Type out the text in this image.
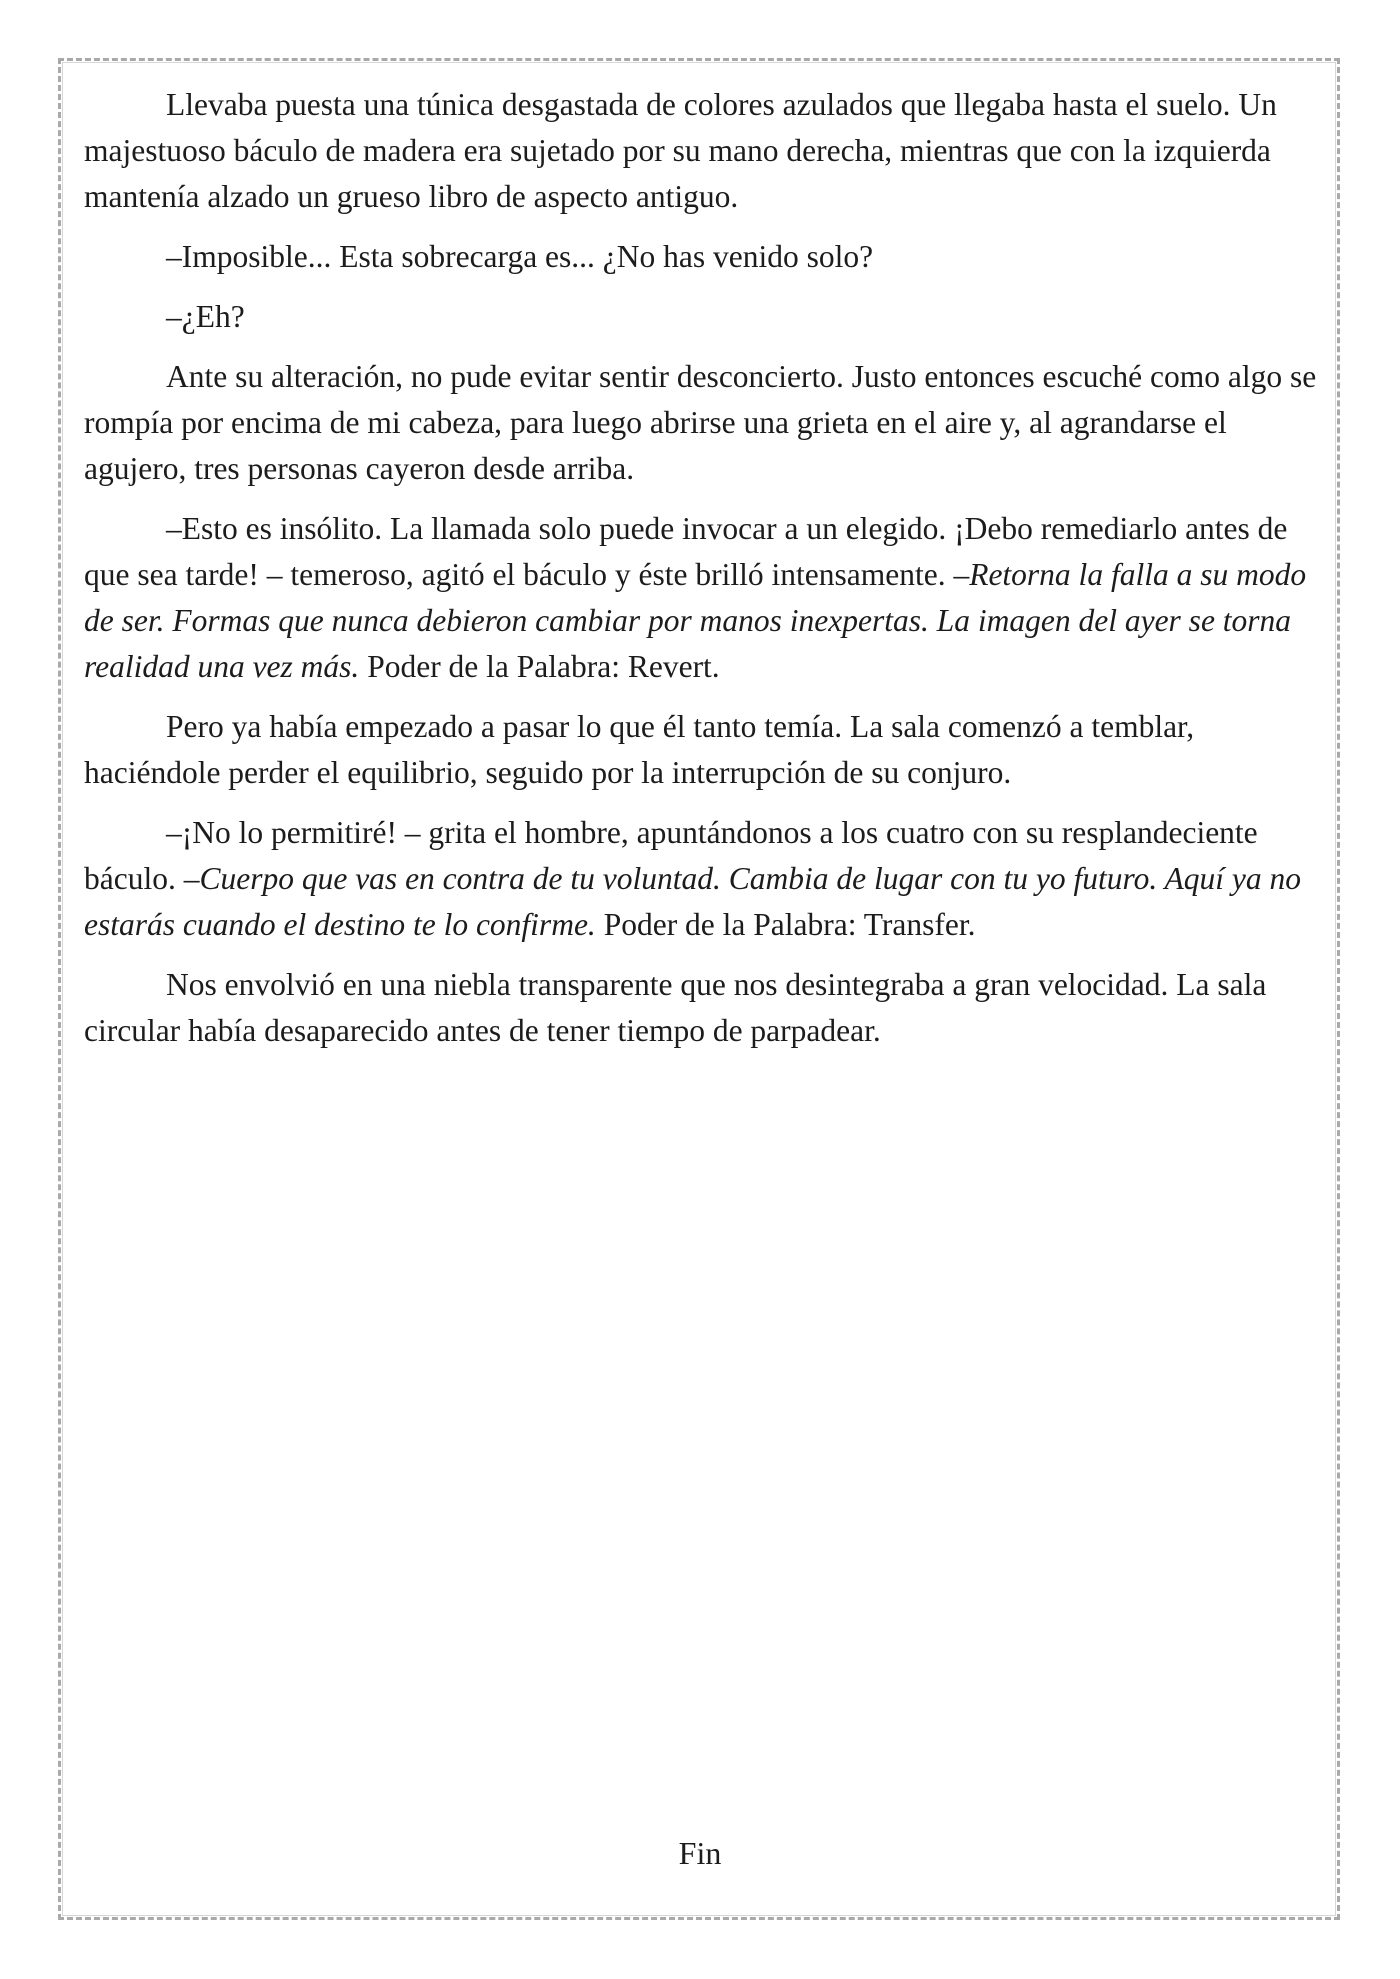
Llevaba puesta una túnica desgastada de colores azulados que llegaba hasta el suelo. Un majestuoso báculo de madera era sujetado por su mano derecha, mientras que con la izquierda mantenía alzado un grueso libro de aspecto antiguo.

–Imposible... Esta sobrecarga es... ¿No has venido solo?

–¿Eh?

Ante su alteración, no pude evitar sentir desconcierto. Justo entonces escuché como algo se rompía por encima de mi cabeza, para luego abrirse una grieta en el aire y, al agrandarse el agujero, tres personas cayeron desde arriba.

–Esto es insólito. La llamada solo puede invocar a un elegido. ¡Debo remediarlo antes de que sea tarde! – temeroso, agitó el báculo y éste brilló intensamente. –Retorna la falla a su modo de ser. Formas que nunca debieron cambiar por manos inexpertas. La imagen del ayer se torna realidad una vez más. Poder de la Palabra: Revert.

Pero ya había empezado a pasar lo que él tanto temía. La sala comenzó a temblar, haciéndole perder el equilibrio, seguido por la interrupción de su conjuro.

–¡No lo permitiré! – grita el hombre, apuntándonos a los cuatro con su resplandeciente báculo. –Cuerpo que vas en contra de tu voluntad. Cambia de lugar con tu yo futuro. Aquí ya no estarás cuando el destino te lo confirme. Poder de la Palabra: Transfer.

Nos envolvió en una niebla transparente que nos desintegraba a gran velocidad. La sala circular había desaparecido antes de tener tiempo de parpadear.

Fin
